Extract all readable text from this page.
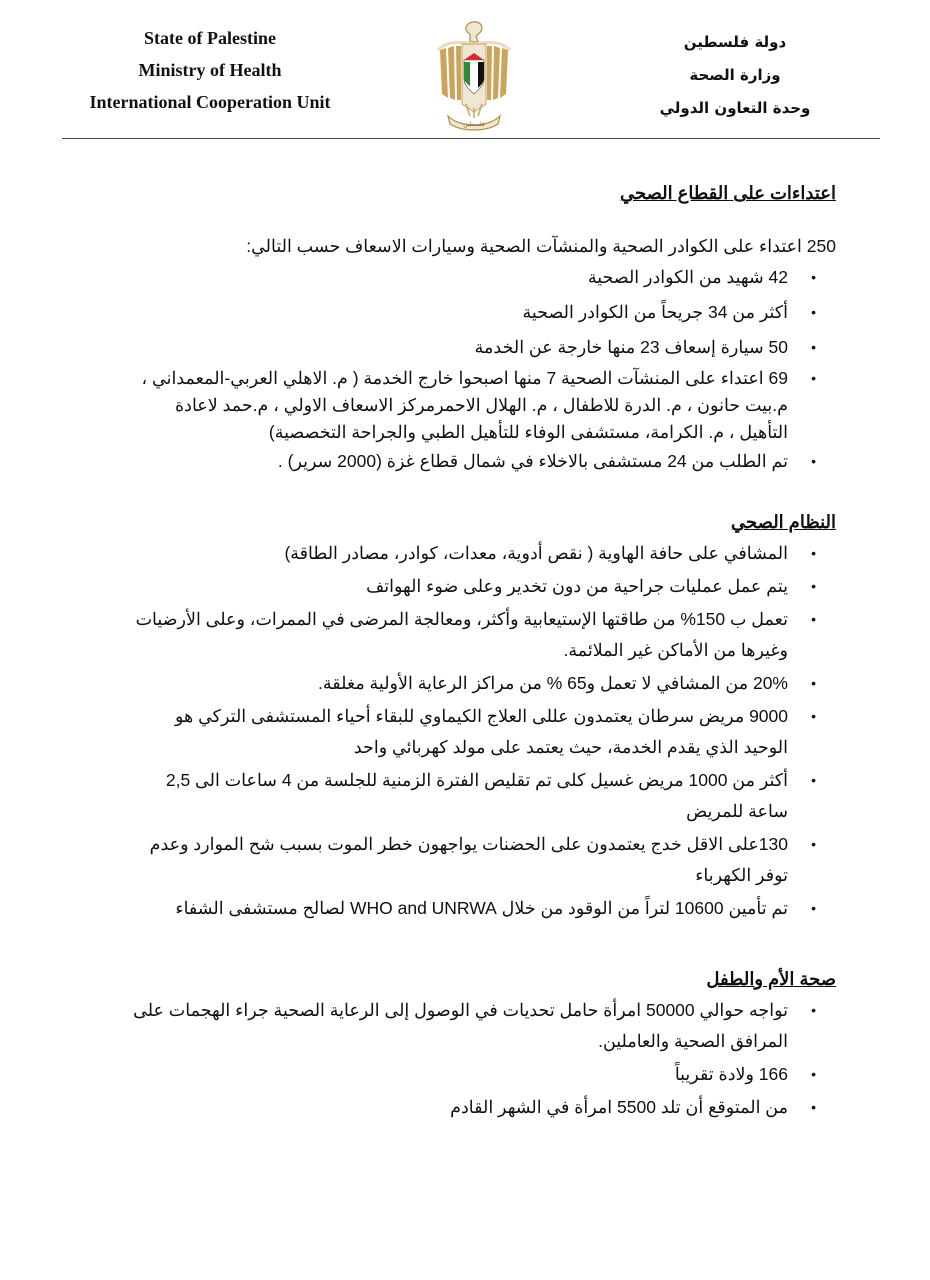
State of Palestine
Ministry of Health
International Cooperation Unit
فلسطين
دولة فلسطين
وزارة الصحة
وحدة التعاون الدولي
اعتداءات على القطاع الصحي

250 اعتداء على الكوادر الصحية والمنشآت الصحية وسيارات الاسعاف حسب التالي:

•
42 شهيد من الكوادر الصحية
•
أكثر من 34 جريحاً من الكوادر الصحية
•
50 سيارة إسعاف 23 منها خارجة عن الخدمة
•
69 اعتداء على المنشآت الصحية 7 منها اصبحوا خارج الخدمة ( م. الاهلي العربي-المعمداني ، م.بيت حانون ، م. الدرة للاطفال ، م. الهلال الاحمرمركز الاسعاف الاولي ، م.حمد لاعادة التأهيل ، م. الكرامة، مستشفى الوفاء للتأهيل الطبي والجراحة التخصصية)
•
تم الطلب من 24 مستشفى بالاخلاء في شمال قطاع غزة (2000 سرير) .
النظام الصحي
•
المشافي على حافة الهاوية ( نقص أدوية، معدات، كوادر، مصادر الطاقة)
•
يتم عمل عمليات جراحية من دون تخدير وعلى ضوء الهواتف
•
تعمل ب 150% من طاقتها الإستيعابية وأكثر، ومعالجة المرضى في الممرات، وعلى الأرضيات وغيرها من الأماكن غير الملائمة.
•
20% من المشافي لا تعمل و65 % من مراكز الرعاية الأولية مغلقة.
•
9000 مريض سرطان يعتمدون عللى العلاج الكيماوي للبقاء أحياء المستشفى التركي هو الوحيد الذي يقدم الخدمة، حيث يعتمد على مولد كهربائي واحد
•
أكثر من 1000 مريض غسيل كلى تم تقليص الفترة الزمنية للجلسة من 4 ساعات الى 2,5 ساعة للمريض
•
130على الاقل خدج يعتمدون على الحضنات يواجهون خطر الموت بسبب شح الموارد وعدم توفر الكهرباء
•
تم تأمين 10600 لتراً من الوقود من خلال WHO and UNRWA لصالح مستشفى الشفاء
صحة الأم والطفل
•
تواجه حوالي 50000 امرأة حامل تحديات في الوصول إلى الرعاية الصحية جراء الهجمات على المرافق الصحية والعاملين.
•
166 ولادة تقريباً
•
من المتوقع أن تلد 5500 امرأة في الشهر القادم
